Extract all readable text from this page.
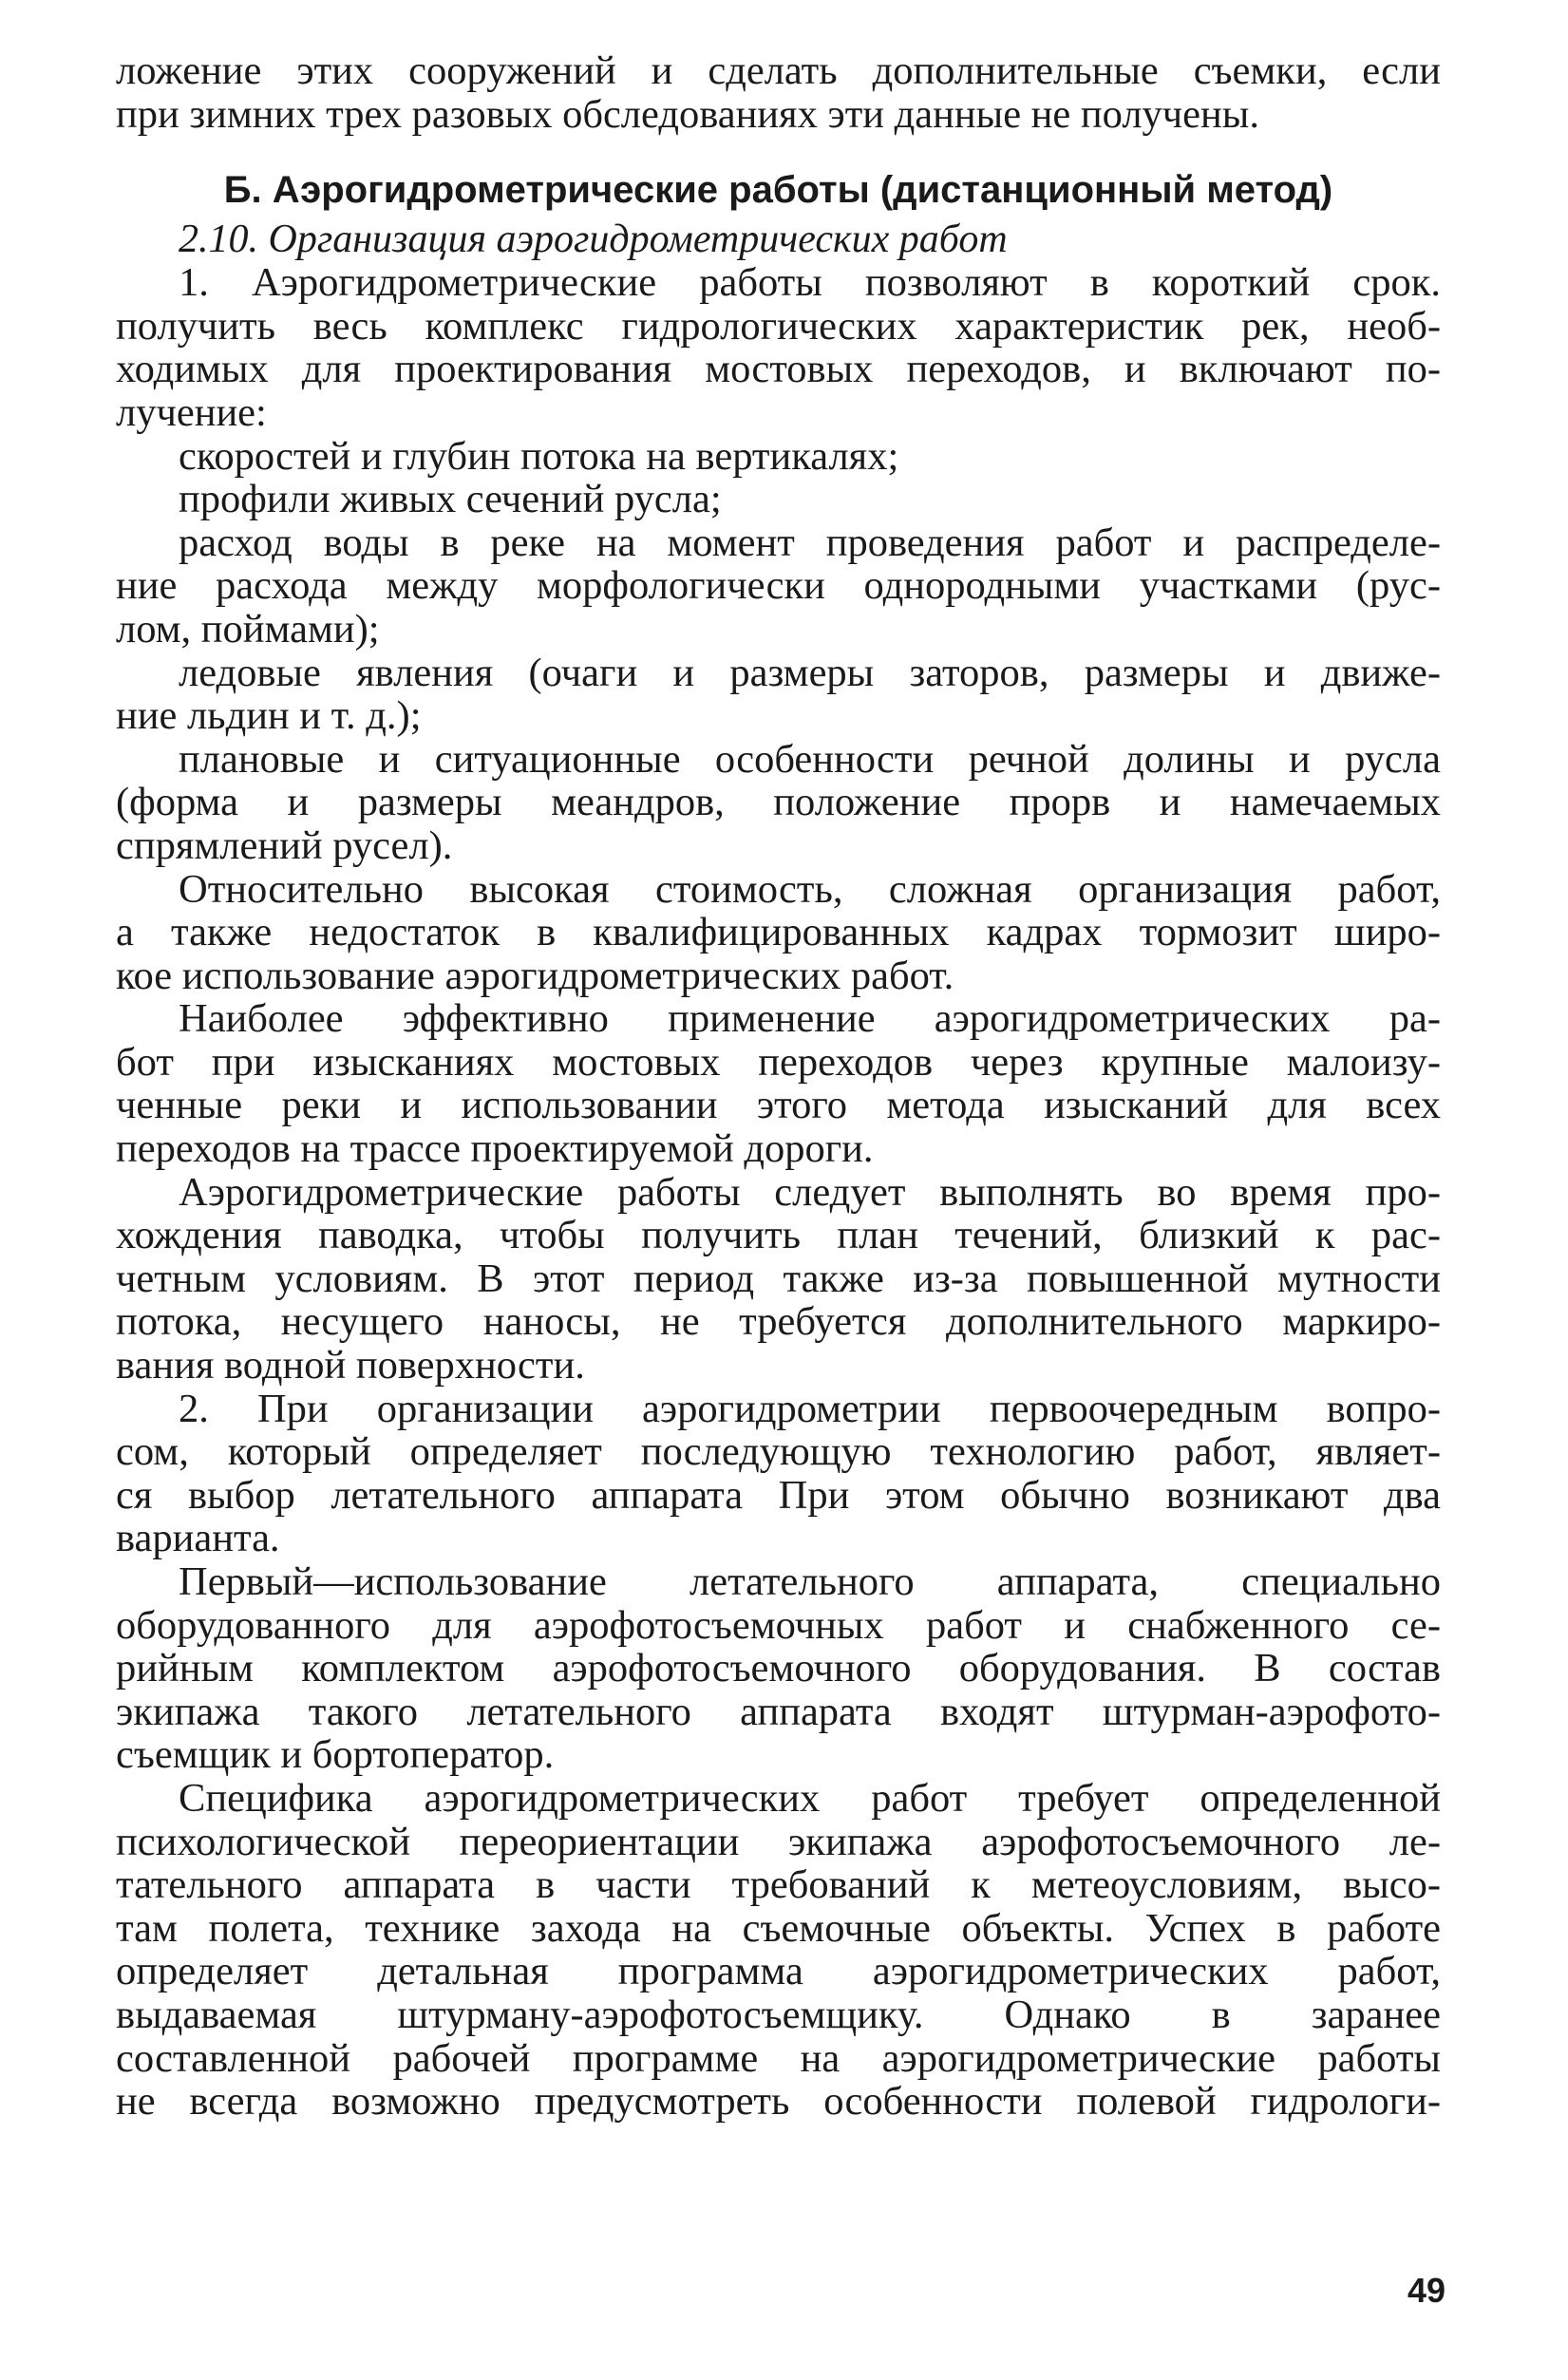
ложение этих сооружений и сделать дополнительные съемки, если
при зимних трех разовых обследованиях эти данные не получены.
Б. Аэрогидрометрические работы (дистанционный метод)
2.10. Организация аэрогидрометрических работ
1. Аэрогидрометрические работы позволяют в короткий срок.
получить весь комплекс гидрологических характеристик рек, необ-
ходимых для проектирования мостовых переходов, и включают по-
лучение:
скоростей и глубин потока на вертикалях;
профили живых сечений русла;
расход воды в реке на момент проведения работ и распределе-
ние расхода между морфологически однородными участками (рус-
лом, поймами);
ледовые явления (очаги и размеры заторов, размеры и движе-
ние льдин и т. д.);
плановые и ситуационные особенности речной долины и русла
(форма и размеры меандров, положение прорв и намечаемых
спрямлений русел).
Относительно высокая стоимость, сложная организация работ,
а также недостаток в квалифицированных кадрах тормозит широ-
кое использование аэрогидрометрических работ.
Наиболее эффективно применение аэрогидрометрических ра-
бот при изысканиях мостовых переходов через крупные малоизу-
ченные реки и использовании этого метода изысканий для всех
переходов на трассе проектируемой дороги.
Аэрогидрометрические работы следует выполнять во время про-
хождения паводка, чтобы получить план течений, близкий к рас-
четным условиям. В этот период также из-за повышенной мутности
потока, несущего наносы, не требуется дополнительного маркиро-
вания водной поверхности.
2. При организации аэрогидрометрии первоочередным вопро-
сом, который определяет последующую технологию работ, являет-
ся выбор летательного аппарата При этом обычно возникают два
варианта.
Первый—использование летательного аппарата, специально
оборудованного для аэрофотосъемочных работ и снабженного се-
рийным комплектом аэрофотосъемочного оборудования. В состав
экипажа такого летательного аппарата входят штурман-аэрофото-
съемщик и бортоператор.
Специфика аэрогидрометрических работ требует определенной
психологической переориентации экипажа аэрофотосъемочного ле-
тательного аппарата в части требований к метеоусловиям, высо-
там полета, технике захода на съемочные объекты. Успех в работе
определяет детальная программа аэрогидрометрических работ,
выдаваемая штурману-аэрофотосъемщику. Однако в заранее
составленной рабочей программе на аэрогидрометрические работы
не всегда возможно предусмотреть особенности полевой гидрологи-
49
